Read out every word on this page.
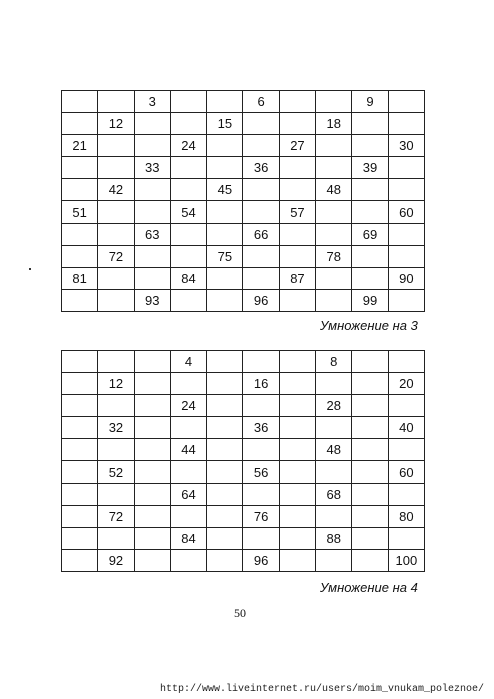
		3			6			9	
	12			15			18		
21			24			27			30
		33			36			39	
	42			45			48		
51			54			57			60
		63			66			69	
	72			75			78		
81			84			87			90
		93			96			99	
Умножение на 3
			4				8		
	12				16				20
			24				28		
	32				36				40
			44				48		
	52				56				60
			64				68		
	72				76				80
			84				88		
	92				96				100
Умножение на 4
50
http://www.liveinternet.ru/users/moim_vnukam_poleznoe/
